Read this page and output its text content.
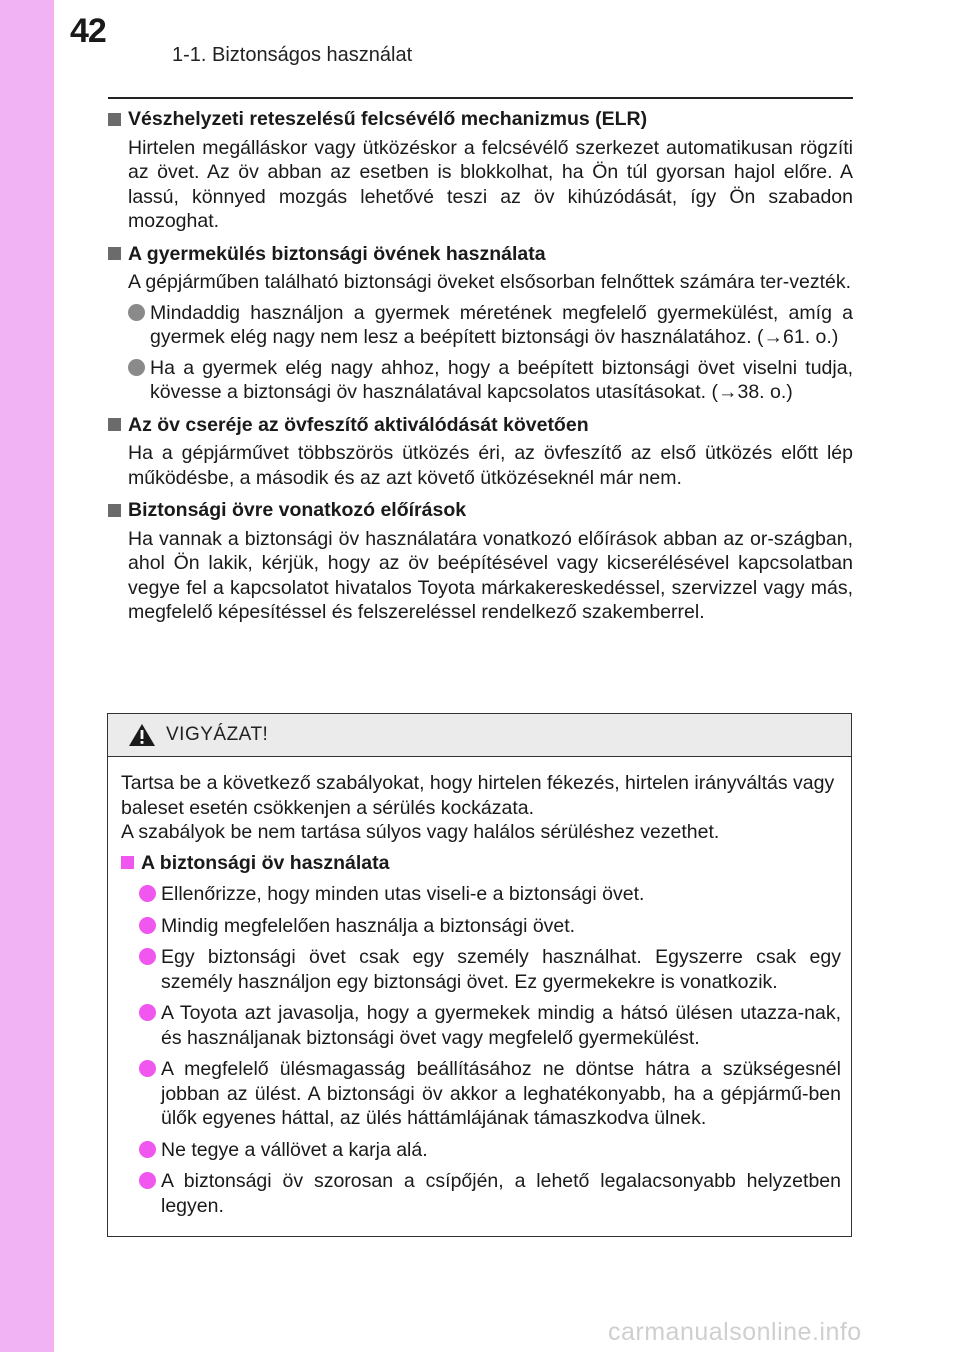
42
1-1. Biztonságos használat
Vészhelyzeti reteszelésű felcsévélő mechanizmus (ELR)
Hirtelen megálláskor vagy ütközéskor a felcsévélő szerkezet automatikusan rögzíti az övet. Az öv abban az esetben is blokkolhat, ha Ön túl gyorsan hajol előre. A lassú, könnyed mozgás lehetővé teszi az öv kihúzódását, így Ön szabadon mozoghat.
A gyermekülés biztonsági övének használata
A gépjárműben található biztonsági öveket elsősorban felnőttek számára ter-vezték.
Mindaddig használjon a gyermek méretének megfelelő gyermekülést, amíg a gyermek elég nagy nem lesz a beépített biztonsági öv használatához. (→61. o.)
Ha a gyermek elég nagy ahhoz, hogy a beépített biztonsági övet viselni tudja, kövesse a biztonsági öv használatával kapcsolatos utasításokat. (→38. o.)
Az öv cseréje az övfeszítő aktiválódását követően
Ha a gépjárművet többszörös ütközés éri, az övfeszítő az első ütközés előtt lép működésbe, a második és az azt követő ütközéseknél már nem.
Biztonsági övre vonatkozó előírások
Ha vannak a biztonsági öv használatára vonatkozó előírások abban az or-szágban, ahol Ön lakik, kérjük, hogy az öv beépítésével vagy kicserélésével kapcsolatban vegye fel a kapcsolatot hivatalos Toyota márkakereskedéssel, szervizzel vagy más, megfelelő képesítéssel és felszereléssel rendelkező szakemberrel.
VIGYÁZAT!
Tartsa be a következő szabályokat, hogy hirtelen fékezés, hirtelen irányváltás vagy baleset esetén csökkenjen a sérülés kockázata.
A szabályok be nem tartása súlyos vagy halálos sérüléshez vezethet.
A biztonsági öv használata
Ellenőrizze, hogy minden utas viseli-e a biztonsági övet.
Mindig megfelelően használja a biztonsági övet.
Egy biztonsági övet csak egy személy használhat. Egyszerre csak egy személy használjon egy biztonsági övet. Ez gyermekekre is vonatkozik.
A Toyota azt javasolja, hogy a gyermekek mindig a hátsó ülésen utazza-nak, és használjanak biztonsági övet vagy megfelelő gyermekülést.
A megfelelő ülésmagasság beállításához ne döntse hátra a szükségesnél jobban az ülést. A biztonsági öv akkor a leghatékonyabb, ha a gépjármű-ben ülők egyenes háttal, az ülés háttámlájának támaszkodva ülnek.
Ne tegye a vállövet a karja alá.
A biztonsági öv szorosan a csípőjén, a lehető legalacsonyabb helyzetben legyen.
carmanualsonline.info
